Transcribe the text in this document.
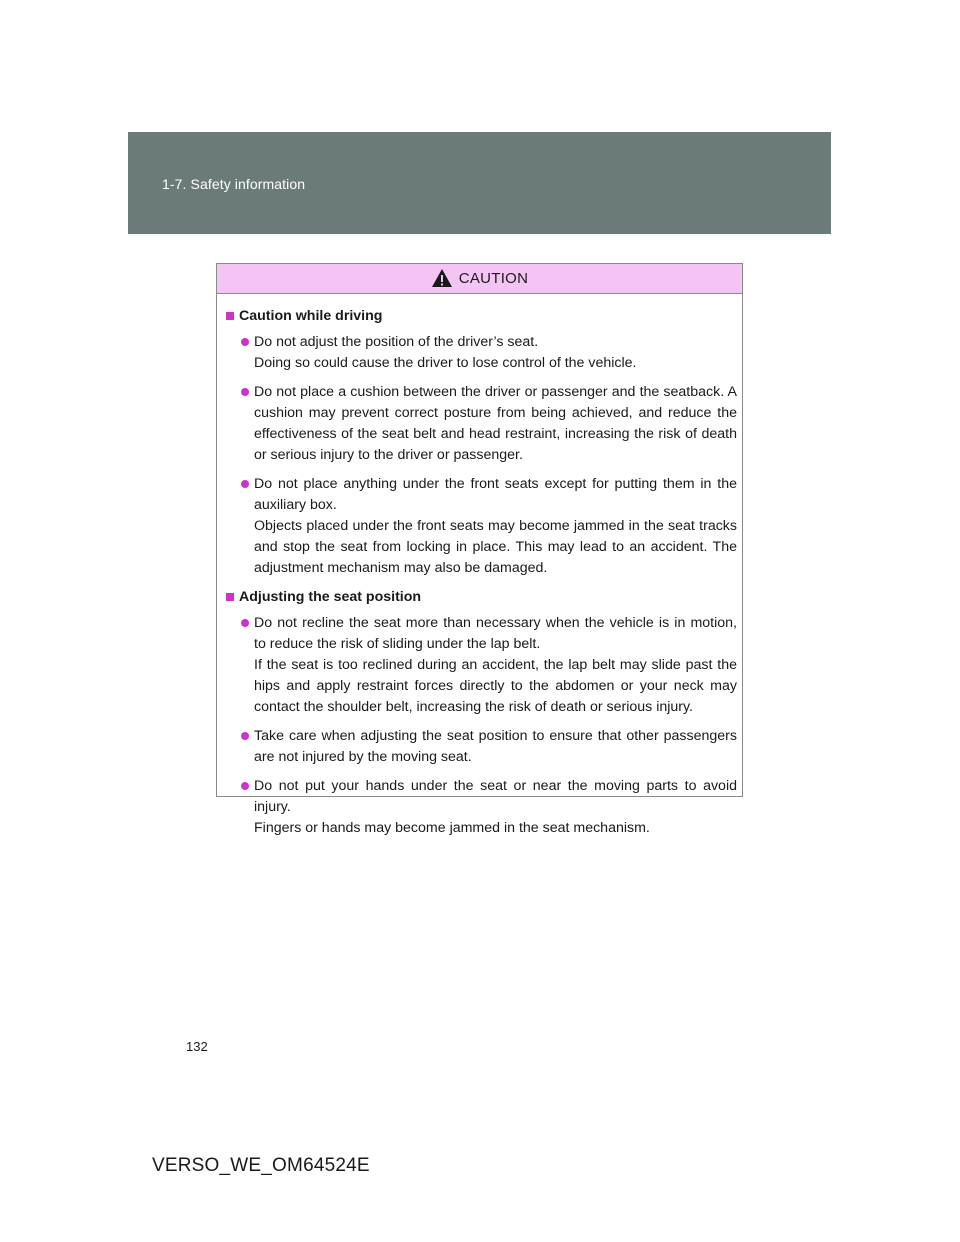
1-7. Safety information
CAUTION
Caution while driving

Do not adjust the position of the driver’s seat.

Doing so could cause the driver to lose control of the vehicle.

Do not place a cushion between the driver or passenger and the seatback. A cushion may prevent correct posture from being achieved, and reduce the effectiveness of the seat belt and head restraint, increasing the risk of death or serious injury to the driver or passenger.

Do not place anything under the front seats except for putting them in the auxiliary box.

Objects placed under the front seats may become jammed in the seat tracks and stop the seat from locking in place. This may lead to an accident. The adjustment mechanism may also be damaged.

Adjusting the seat position

Do not recline the seat more than necessary when the vehicle is in motion, to reduce the risk of sliding under the lap belt.

If the seat is too reclined during an accident, the lap belt may slide past the hips and apply restraint forces directly to the abdomen or your neck may contact the shoulder belt, increasing the risk of death or serious injury.

Take care when adjusting the seat position to ensure that other passengers are not injured by the moving seat.

Do not put your hands under the seat or near the moving parts to avoid injury.

Fingers or hands may become jammed in the seat mechanism.

132
VERSO_WE_OM64524E
